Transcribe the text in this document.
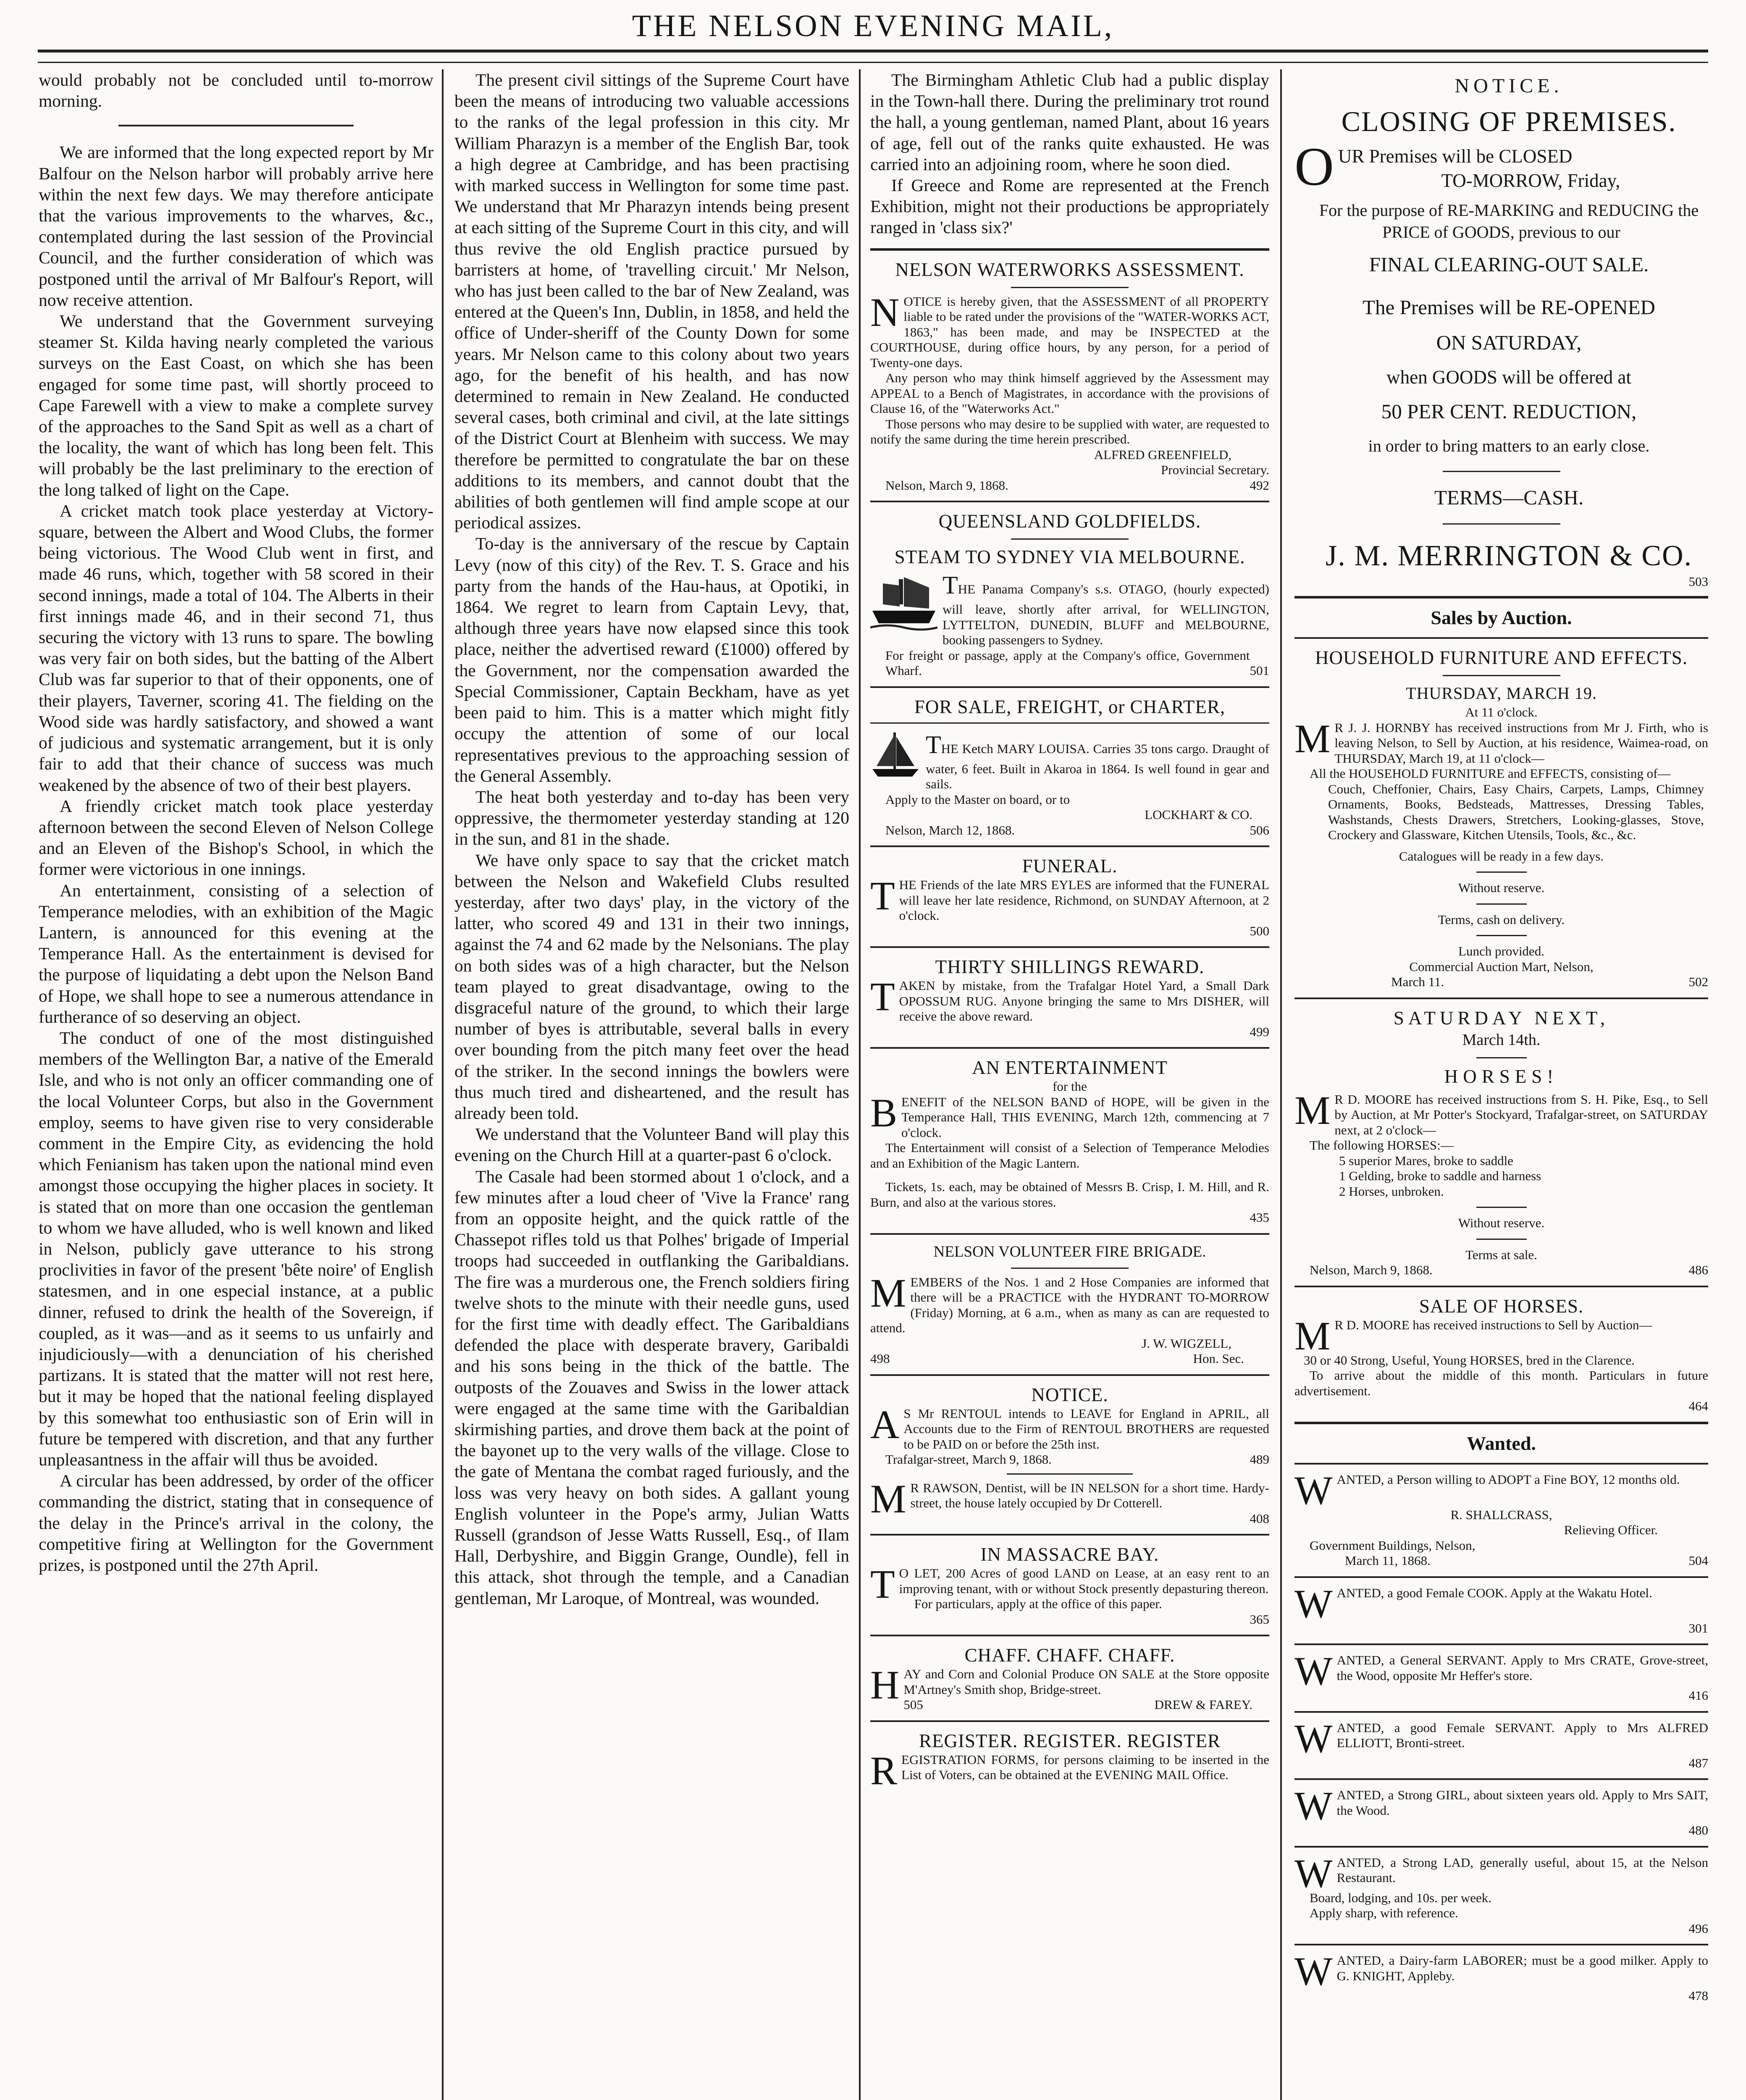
THE NELSON EVENING MAIL,

would probably not be concluded until to-morrow morning.

We are informed that the long expected report by Mr Balfour on the Nelson harbor will probably arrive here within the next few days. We may therefore anticipate that the various improvements to the wharves, &c., contemplated during the last session of the Provincial Council, and the further consideration of which was postponed until the arrival of Mr Balfour's Report, will now receive attention.

We understand that the Government surveying steamer St. Kilda having nearly completed the various surveys on the East Coast, on which she has been engaged for some time past, will shortly proceed to Cape Farewell with a view to make a complete survey of the approaches to the Sand Spit as well as a chart of the locality, the want of which has long been felt. This will probably be the last preliminary to the erection of the long talked of light on the Cape.

A cricket match took place yesterday at Victory-square, between the Albert and Wood Clubs, the former being victorious. The Wood Club went in first, and made 46 runs, which, together with 58 scored in their second innings, made a total of 104. The Alberts in their first innings made 46, and in their second 71, thus securing the victory with 13 runs to spare. The bowling was very fair on both sides, but the batting of the Albert Club was far superior to that of their opponents, one of their players, Taverner, scoring 41. The fielding on the Wood side was hardly satisfactory, and showed a want of judicious and systematic arrangement, but it is only fair to add that their chance of success was much weakened by the absence of two of their best players.

A friendly cricket match took place yesterday afternoon between the second Eleven of Nelson College and an Eleven of the Bishop's School, in which the former were victorious in one innings.

An entertainment, consisting of a selection of Temperance melodies, with an exhibition of the Magic Lantern, is announced for this evening at the Temperance Hall. As the entertainment is devised for the purpose of liquidating a debt upon the Nelson Band of Hope, we shall hope to see a numerous attendance in furtherance of so deserving an object.

The conduct of one of the most distinguished members of the Wellington Bar, a native of the Emerald Isle, and who is not only an officer commanding one of the local Volunteer Corps, but also in the Government employ, seems to have given rise to very considerable comment in the Empire City, as evidencing the hold which Fenianism has taken upon the national mind even amongst those occupying the higher places in society. It is stated that on more than one occasion the gentleman to whom we have alluded, who is well known and liked in Nelson, publicly gave utterance to his strong proclivities in favor of the present 'bête noire' of English statesmen, and in one especial instance, at a public dinner, refused to drink the health of the Sovereign, if coupled, as it was—and as it seems to us unfairly and injudiciously—with a denunciation of his cherished partizans. It is stated that the matter will not rest here, but it may be hoped that the national feeling displayed by this somewhat too enthusiastic son of Erin will in future be tempered with discretion, and that any further unpleasantness in the affair will thus be avoided.

A circular has been addressed, by order of the officer commanding the district, stating that in consequence of the delay in the Prince's arrival in the colony, the competitive firing at Wellington for the Government prizes, is postponed until the 27th April.

The present civil sittings of the Supreme Court have been the means of introducing two valuable accessions to the ranks of the legal profession in this city. Mr William Pharazyn is a member of the English Bar, took a high degree at Cambridge, and has been practising with marked success in Wellington for some time past. We understand that Mr Pharazyn intends being present at each sitting of the Supreme Court in this city, and will thus revive the old English practice pursued by barristers at home, of 'travelling circuit.' Mr Nelson, who has just been called to the bar of New Zealand, was entered at the Queen's Inn, Dublin, in 1858, and held the office of Under-sheriff of the County Down for some years. Mr Nelson came to this colony about two years ago, for the benefit of his health, and has now determined to remain in New Zealand. He conducted several cases, both criminal and civil, at the late sittings of the District Court at Blenheim with success. We may therefore be permitted to congratulate the bar on these additions to its members, and cannot doubt that the abilities of both gentlemen will find ample scope at our periodical assizes.

To-day is the anniversary of the rescue by Captain Levy (now of this city) of the Rev. T. S. Grace and his party from the hands of the Hau-haus, at Opotiki, in 1864. We regret to learn from Captain Levy, that, although three years have now elapsed since this took place, neither the advertised reward (£1000) offered by the Government, nor the compensation awarded the Special Commissioner, Captain Beckham, have as yet been paid to him. This is a matter which might fitly occupy the attention of some of our local representatives previous to the approaching session of the General Assembly.

The heat both yesterday and to-day has been very oppressive, the thermometer yesterday standing at 120 in the sun, and 81 in the shade.

We have only space to say that the cricket match between the Nelson and Wakefield Clubs resulted yesterday, after two days' play, in the victory of the latter, who scored 49 and 131 in their two innings, against the 74 and 62 made by the Nelsonians. The play on both sides was of a high character, but the Nelson team played to great disadvantage, owing to the disgraceful nature of the ground, to which their large number of byes is attributable, several balls in every over bounding from the pitch many feet over the head of the striker. In the second innings the bowlers were thus much tired and disheartened, and the result has already been told.

We understand that the Volunteer Band will play this evening on the Church Hill at a quarter-past 6 o'clock.

The Casale had been stormed about 1 o'clock, and a few minutes after a loud cheer of 'Vive la France' rang from an opposite height, and the quick rattle of the Chassepot rifles told us that Polhes' brigade of Imperial troops had succeeded in outflanking the Garibaldians. The fire was a murderous one, the French soldiers firing twelve shots to the minute with their needle guns, used for the first time with deadly effect. The Garibaldians defended the place with desperate bravery, Garibaldi and his sons being in the thick of the battle. The outposts of the Zouaves and Swiss in the lower attack were engaged at the same time with the Garibaldian skirmishing parties, and drove them back at the point of the bayonet up to the very walls of the village. Close to the gate of Mentana the combat raged furiously, and the loss was very heavy on both sides. A gallant young English volunteer in the Pope's army, Julian Watts Russell (grandson of Jesse Watts Russell, Esq., of Ilam Hall, Derbyshire, and Biggin Grange, Oundle), fell in this attack, shot through the temple, and a Canadian gentleman, Mr Laroque, of Montreal, was wounded.

The Birmingham Athletic Club had a public display in the Town-hall there. During the preliminary trot round the hall, a young gentleman, named Plant, about 16 years of age, fell out of the ranks quite exhausted. He was carried into an adjoining room, where he soon died.

If Greece and Rome are represented at the French Exhibition, might not their productions be appropriately ranged in 'class six?'

NELSON WATERWORKS ASSESSMENT.

NOTICE is hereby given, that the ASSESSMENT of all PROPERTY liable to be rated under the provisions of the "WATER-WORKS ACT, 1863," has been made, and may be INSPECTED at the COURTHOUSE, during office hours, by any person, for a period of Twenty-one days.

Any person who may think himself aggrieved by the Assessment may APPEAL to a Bench of Magistrates, in accordance with the provisions of Clause 16, of the "Waterworks Act."

Those persons who may desire to be supplied with water, are requested to notify the same during the time herein prescribed.

ALFRED GREENFIELD,

Provincial Secretary.

Nelson, March 9, 1868.	492

QUEENSLAND GOLDFIELDS.

STEAM TO SYDNEY VIA MELBOURNE.

THE Panama Company's s.s. OTAGO, (hourly expected) will leave, shortly after arrival, for WELLINGTON, LYTTELTON, DUNEDIN, BLUFF and MELBOURNE, booking passengers to Sydney.

For freight or passage, apply at the Company's office, Government Wharf.	501

FOR SALE, FREIGHT, or CHARTER,

THE Ketch MARY LOUISA. Carries 35 tons cargo. Draught of water, 6 feet. Built in Akaroa in 1864. Is well found in gear and sails.

Apply to the Master on board, or to

LOCKHART & CO.

Nelson, March 12, 1868.	506

FUNERAL.

THE Friends of the late MRS EYLES are informed that the FUNERAL will leave her late residence, Richmond, on SUNDAY Afternoon, at 2 o'clock.

500

THIRTY SHILLINGS REWARD.

TAKEN by mistake, from the Trafalgar Hotel Yard, a Small Dark OPOSSUM RUG. Anyone bringing the same to Mrs DISHER, will receive the above reward.

499

AN ENTERTAINMENT

for the

BENEFIT of the NELSON BAND of HOPE, will be given in the Temperance Hall, THIS EVENING, March 12th, commencing at 7 o'clock.

The Entertainment will consist of a Selection of Temperance Melodies and an Exhibition of the Magic Lantern.

Tickets, 1s. each, may be obtained of Messrs B. Crisp, I. M. Hill, and R. Burn, and also at the various stores.

435

NELSON VOLUNTEER FIRE BRIGADE.

MEMBERS of the Nos. 1 and 2 Hose Companies are informed that there will be a PRACTICE with the HYDRANT TO-MORROW (Friday) Morning, at 6 a.m., when as many as can are requested to attend.

J. W. WIGZELL,

498	Hon. Sec.

NOTICE.

A S Mr RENTOUL intends to LEAVE for England in APRIL, all Accounts due to the Firm of RENTOUL BROTHERS are requested to be PAID on or before the 25th inst.

Trafalgar-street, March 9, 1868.	489

M R RAWSON, Dentist, will be IN NELSON for a short time. Hardy-street, the house lately occupied by Dr Cotterell.

408

IN MASSACRE BAY.

T O LET, 200 Acres of good LAND on Lease, at an easy rent to an improving tenant, with or without Stock presently depasturing thereon.

For particulars, apply at the office of this paper.

365

CHAFF. CHAFF. CHAFF.

HAY and Corn and Colonial Produce ON SALE at the Store opposite M'Artney's Smith shop, Bridge-street.

505	DREW & FAREY.

REGISTER. REGISTER. REGISTER

REGISTRATION FORMS, for persons claiming to be inserted in the List of Voters, can be obtained at the EVENING MAIL Office.

NOTICE.

CLOSING OF PREMISES.

OUR Premises will be CLOSED

TO-MORROW, Friday,

For the purpose of RE-MARKING and REDUCING the PRICE of GOODS, previous to our

FINAL CLEARING-OUT SALE.

The Premises will be RE-OPENED

ON SATURDAY,

when GOODS will be offered at

50 PER CENT. REDUCTION,

in order to bring matters to an early close.

TERMS—CASH.

J. M. MERRINGTON & CO.

503

Sales by Auction.

HOUSEHOLD FURNITURE AND EFFECTS.

THURSDAY, MARCH 19.

At 11 o'clock.

M R J. J. HORNBY has received instructions from Mr J. Firth, who is leaving Nelson, to Sell by Auction, at his residence, Waimea-road, on THURSDAY, March 19, at 11 o'clock—

All the HOUSEHOLD FURNITURE and EFFECTS, consisting of—

Couch, Cheffonier, Chairs, Easy Chairs, Carpets, Lamps, Chimney Ornaments, Books, Bedsteads, Mattresses, Dressing Tables, Washstands, Chests Drawers, Stretchers, Looking-glasses, Stove, Crockery and Glassware, Kitchen Utensils, Tools, &c., &c.

Catalogues will be ready in a few days.

Without reserve.

Terms, cash on delivery.

Lunch provided.

Commercial Auction Mart, Nelson,

March 11.	502

SATURDAY NEXT,

March 14th.

HORSES!

M R D. MOORE has received instructions from S. H. Pike, Esq., to Sell by Auction, at Mr Potter's Stockyard, Trafalgar-street, on SATURDAY next, at 2 o'clock—

The following HORSES:—

5 superior Mares, broke to saddle

1 Gelding, broke to saddle and harness

2 Horses, unbroken.

Without reserve.

Terms at sale.

Nelson, March 9, 1868.	486

SALE OF HORSES.

M R D. MOORE has received instructions to Sell by Auction—

30 or 40 Strong, Useful, Young HORSES, bred in the Clarence.

To arrive about the middle of this month. Particulars in future advertisement.

464

Wanted.

WANTED, a Person willing to ADOPT a Fine BOY, 12 months old.

R. SHALLCRASS,

Relieving Officer.

Government Buildings, Nelson,

March 11, 1868.	504

WANTED, a good Female COOK. Apply at the Wakatu Hotel.

301

WANTED, a General SERVANT. Apply to Mrs CRATE, Grove-street, the Wood, opposite Mr Heffer's store.

416

WANTED, a good Female SERVANT. Apply to Mrs ALFRED ELLIOTT, Bronti-street.

487

WANTED, a Strong GIRL, about sixteen years old. Apply to Mrs SAIT, the Wood.

480

WANTED, a Strong LAD, generally useful, about 15, at the Nelson Restaurant.

Board, lodging, and 10s. per week.

Apply sharp, with reference.

496

WANTED, a Dairy-farm LABORER; must be a good milker. Apply to G. KNIGHT, Appleby.

478
